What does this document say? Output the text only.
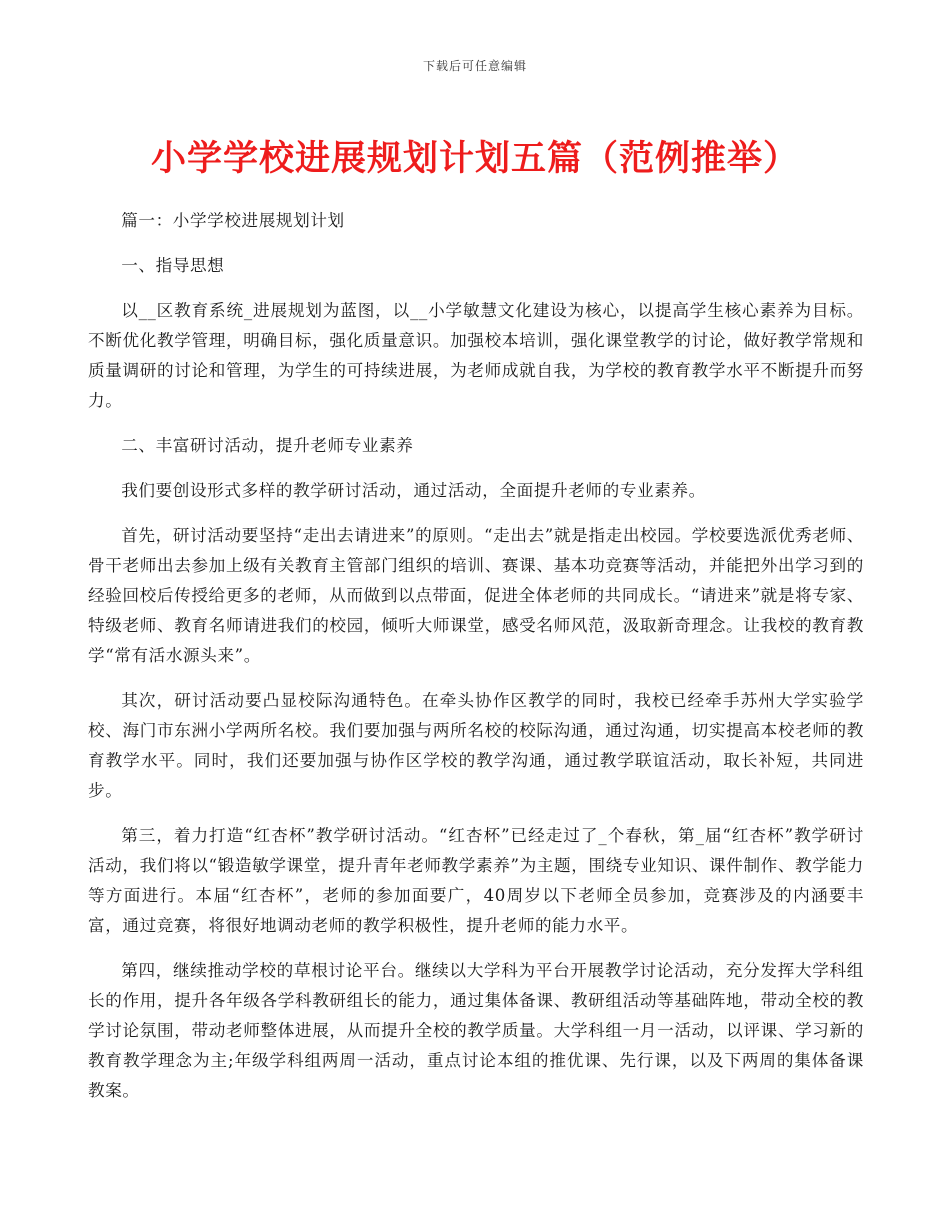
下载后可任意编辑
小学学校进展规划计划五篇（范例推举）

篇一：小学学校进展规划计划

一、指导思想

以__区教育系统_进展规划为蓝图，以__小学敏慧文化建设为核心，以提高学生核心素养为目标。不断优化教学管理，明确目标，强化质量意识。加强校本培训，强化课堂教学的讨论，做好教学常规和质量调研的讨论和管理，为学生的可持续进展，为老师成就自我，为学校的教育教学水平不断提升而努力。

二、丰富研讨活动，提升老师专业素养

我们要创设形式多样的教学研讨活动，通过活动，全面提升老师的专业素养。

首先，研讨活动要坚持“走出去请进来”的原则。“走出去”就是指走出校园。学校要选派优秀老师、骨干老师出去参加上级有关教育主管部门组织的培训、赛课、基本功竞赛等活动，并能把外出学习到的经验回校后传授给更多的老师，从而做到以点带面，促进全体老师的共同成长。“请进来”就是将专家、特级老师、教育名师请进我们的校园，倾听大师课堂，感受名师风范，汲取新奇理念。让我校的教育教学“常有活水源头来”。

其次，研讨活动要凸显校际沟通特色。在牵头协作区教学的同时，我校已经牵手苏州大学实验学校、海门市东洲小学两所名校。我们要加强与两所名校的校际沟通，通过沟通，切实提高本校老师的教育教学水平。同时，我们还要加强与协作区学校的教学沟通，通过教学联谊活动，取长补短，共同进步。

第三，着力打造“红杏杯”教学研讨活动。“红杏杯”已经走过了_个春秋，第_届“红杏杯”教学研讨活动，我们将以“锻造敏学课堂，提升青年老师教学素养”为主题，围绕专业知识、课件制作、教学能力等方面进行。本届“红杏杯”，老师的参加面要广，40周岁以下老师全员参加，竞赛涉及的内涵要丰富，通过竞赛，将很好地调动老师的教学积极性，提升老师的能力水平。

第四，继续推动学校的草根讨论平台。继续以大学科为平台开展教学讨论活动，充分发挥大学科组长的作用，提升各年级各学科教研组长的能力，通过集体备课、教研组活动等基础阵地，带动全校的教学讨论氛围，带动老师整体进展，从而提升全校的教学质量。大学科组一月一活动，以评课、学习新的教育教学理念为主;年级学科组两周一活动，重点讨论本组的推优课、先行课，以及下两周的集体备课教案。
